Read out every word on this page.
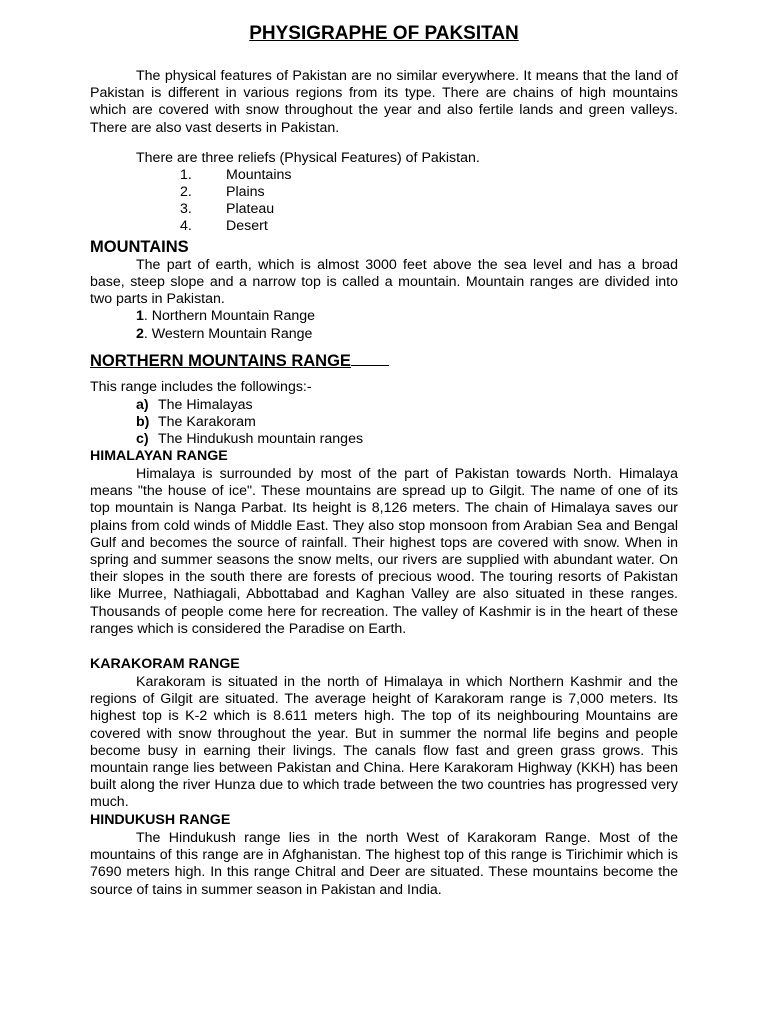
PHYSIGRAPHE OF PAKSITAN
The physical features of Pakistan are no similar everywhere. It means that the land of Pakistan is different in various regions from its type. There are chains of high mountains which are covered with snow throughout the year and also fertile lands and green valleys. There are also vast deserts in Pakistan.
There are three reliefs (Physical Features) of Pakistan.
1. Mountains
2. Plains
3. Plateau
4. Desert
MOUNTAINS
The part of earth, which is almost 3000 feet above the sea level and has a broad base, steep slope and a narrow top is called a mountain. Mountain ranges are divided into two parts in Pakistan.
1. Northern Mountain Range
2. Western Mountain Range
NORTHERN MOUNTAINS RANGE
This range includes the followings:-
a) The Himalayas
b) The Karakoram
c) The Hindukush mountain ranges
HIMALAYAN RANGE
Himalaya is surrounded by most of the part of Pakistan towards North. Himalaya means "the house of ice". These mountains are spread up to Gilgit. The name of one of its top mountain is Nanga Parbat. Its height is 8,126 meters. The chain of Himalaya saves our plains from cold winds of Middle East. They also stop monsoon from Arabian Sea and Bengal Gulf and becomes the source of rainfall. Their highest tops are covered with snow. When in spring and summer seasons the snow melts, our rivers are supplied with abundant water. On their slopes in the south there are forests of precious wood. The touring resorts of Pakistan like Murree, Nathiagali, Abbottabad and Kaghan Valley are also situated in these ranges. Thousands of people come here for recreation. The valley of Kashmir is in the heart of these ranges which is considered the Paradise on Earth.
KARAKORAM RANGE
Karakoram is situated in the north of Himalaya in which Northern Kashmir and the regions of Gilgit are situated. The average height of Karakoram range is 7,000 meters. Its highest top is K-2 which is 8.611 meters high. The top of its neighbouring Mountains are covered with snow throughout the year. But in summer the normal life begins and people become busy in earning their livings. The canals flow fast and green grass grows. This mountain range lies between Pakistan and China. Here Karakoram Highway (KKH) has been built along the river Hunza due to which trade between the two countries has progressed very much.
HINDUKUSH RANGE
The Hindukush range lies in the north West of Karakoram Range. Most of the mountains of this range are in Afghanistan. The highest top of this range is Tirichimir which is 7690 meters high. In this range Chitral and Deer are situated. These mountains become the source of tains in summer season in Pakistan and India.
